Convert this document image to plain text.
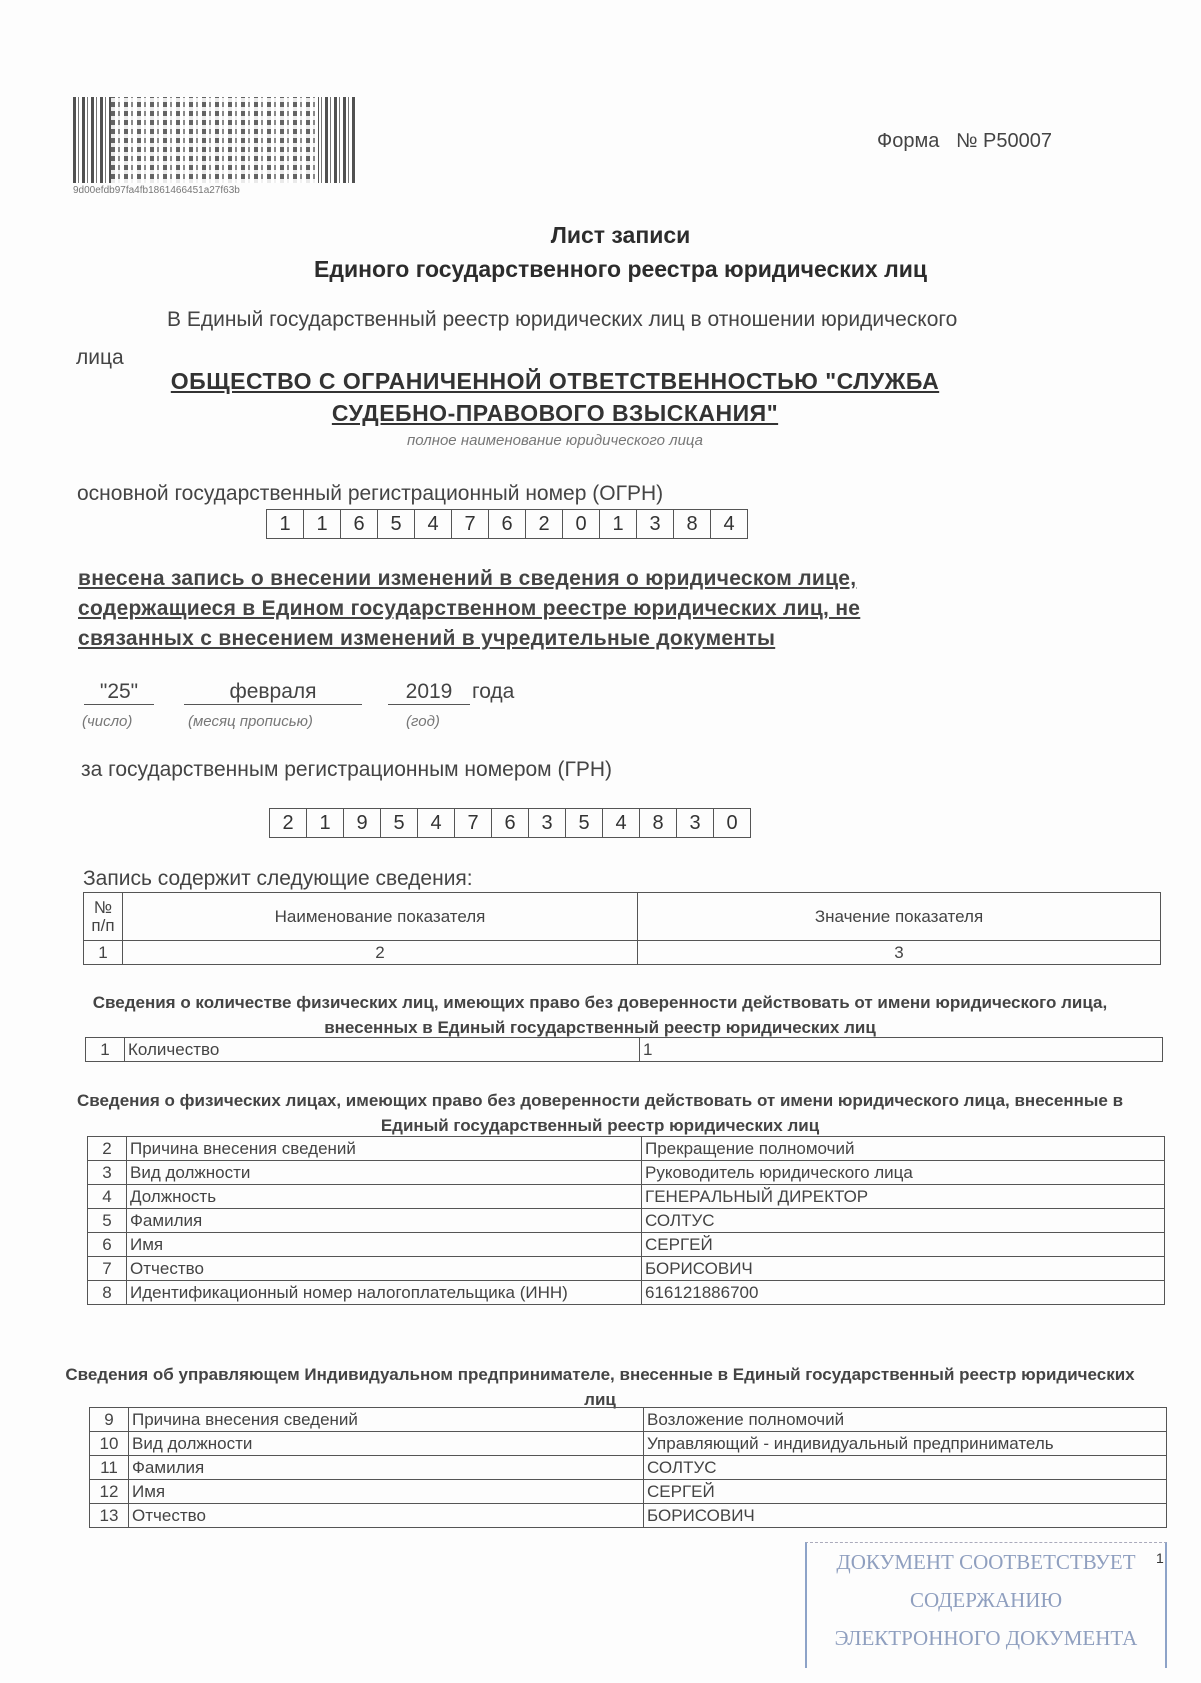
9d00efdb97fa4fb1861466451a27f63b
Форма   № Р50007
Лист записи
Единого государственного реестра юридических лиц
В Единый государственный реестр юридических лиц в отношении юридического
лица
ОБЩЕСТВО С ОГРАНИЧЕННОЙ ОТВЕТСТВЕННОСТЬЮ "СЛУЖБА
СУДЕБНО-ПРАВОВОГО ВЗЫСКАНИЯ"
полное наименование юридического лица
основной государственный регистрационный номер (ОГРН)
1	1	6	5	4	7	6	2	0	1	3	8	4
внесена запись о внесении изменений в сведения о юридическом лице,
содержащиеся в Едином государственном реестре юридических лиц, не
связанных с внесением изменений в учредительные документы
"25"	февраля	2019 года
(число)	(месяц прописью)	(год)
за государственным регистрационным номером (ГРН)
2	1	9	5	4	7	6	3	5	4	8	3	0
Запись содержит следующие сведения:
№ п/п	Наименование показателя	Значение показателя
1	2	3
Сведения о количестве физических лиц, имеющих право без доверенности действовать от имени юридического лица, внесенных в Единый государственный реестр юридических лиц
1	Количество	1
Сведения о физических лицах, имеющих право без доверенности действовать от имени юридического лица, внесенные в Единый государственный реестр юридических лиц
2	Причина внесения сведений	Прекращение полномочий
3	Вид должности	Руководитель юридического лица
4	Должность	ГЕНЕРАЛЬНЫЙ ДИРЕКТОР
5	Фамилия	СОЛТУС
6	Имя	СЕРГЕЙ
7	Отчество	БОРИСОВИЧ
8	Идентификационный номер налогоплательщика (ИНН)	616121886700
Сведения об управляющем Индивидуальном предпринимателе, внесенные в Единый государственный реестр юридических лиц
9	Причина внесения сведений	Возложение полномочий
10	Вид должности	Управляющий - индивидуальный предприниматель
11	Фамилия	СОЛТУС
12	Имя	СЕРГЕЙ
13	Отчество	БОРИСОВИЧ
ДОКУМЕНТ СООТВЕТСТВУЕТ
СОДЕРЖАНИЮ
ЭЛЕКТРОННОГО ДОКУМЕНТА
1
